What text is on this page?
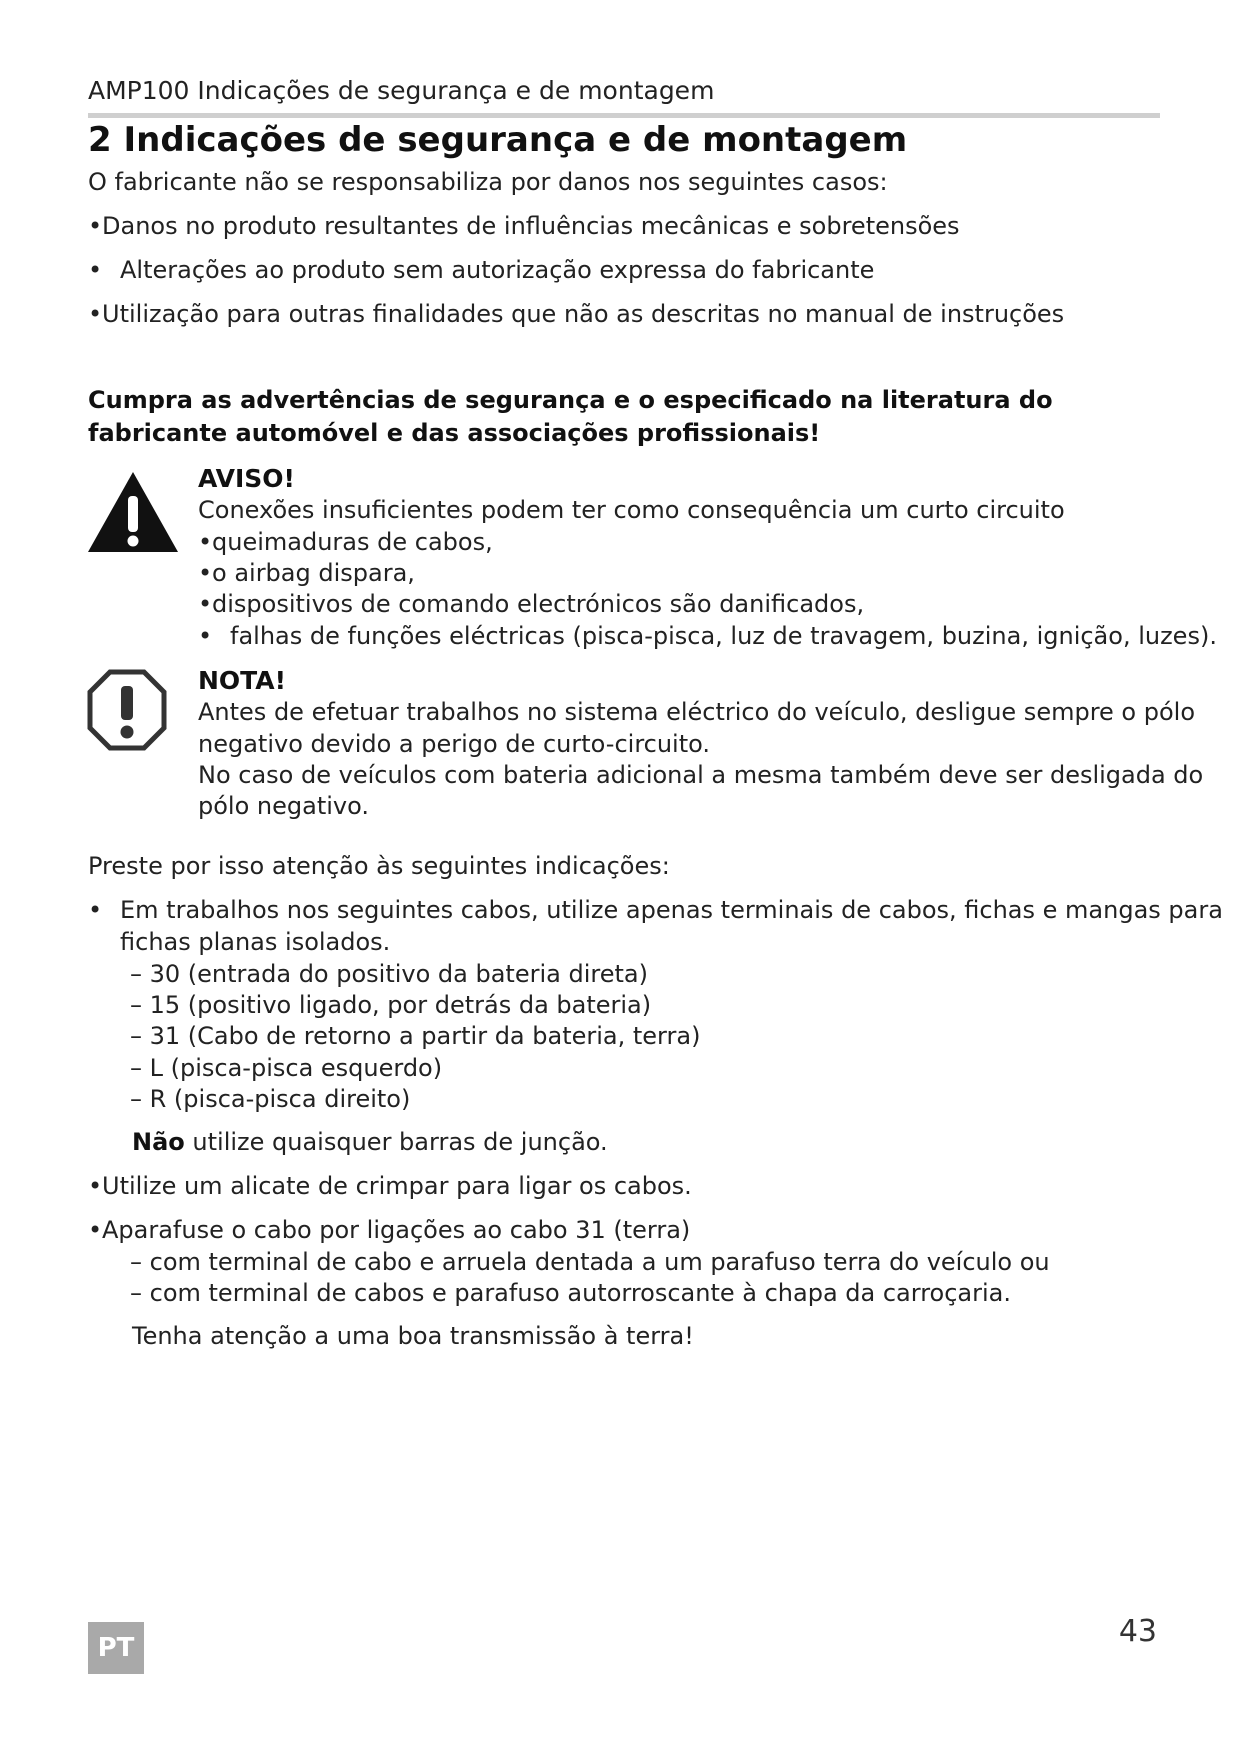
AMP100 Indicações de segurança e de montagem
2 Indicações de segurança e de montagem
O fabricante não se responsabiliza por danos nos seguintes casos:
•Danos no produto resultantes de influências mecânicas e sobretensões
• Alterações ao produto sem autorização expressa do fabricante
•Utilização para outras finalidades que não as descritas no manual de instruções
Cumpra as advertências de segurança e o especificado na literatura do fabricante automóvel e das associações profissionais!
AVISO!
Conexões insuficientes podem ter como consequência um curto circuito
•queimaduras de cabos,
•o airbag dispara,
•dispositivos de comando electrónicos são danificados,
• falhas de funções eléctricas (pisca-pisca, luz de travagem, buzina, ignição, luzes).
NOTA!
Antes de efetuar trabalhos no sistema eléctrico do veículo, desligue sempre o pólo
negativo devido a perigo de curto-circuito.
No caso de veículos com bateria adicional a mesma também deve ser desligada do
pólo negativo.
Preste por isso atenção às seguintes indicações:
• Em trabalhos nos seguintes cabos, utilize apenas terminais de cabos, fichas e mangas para
fichas planas isolados.
– 30 (entrada do positivo da bateria direta)
– 15 (positivo ligado, por detrás da bateria)
– 31 (Cabo de retorno a partir da bateria, terra)
– L (pisca-pisca esquerdo)
– R (pisca-pisca direito)
Não utilize quaisquer barras de junção.
•Utilize um alicate de crimpar para ligar os cabos.
•Aparafuse o cabo por ligações ao cabo 31 (terra)
– com terminal de cabo e arruela dentada a um parafuso terra do veículo ou
– com terminal de cabos e parafuso autorroscante à chapa da carroçaria.
Tenha atenção a uma boa transmissão à terra!
PT	43
